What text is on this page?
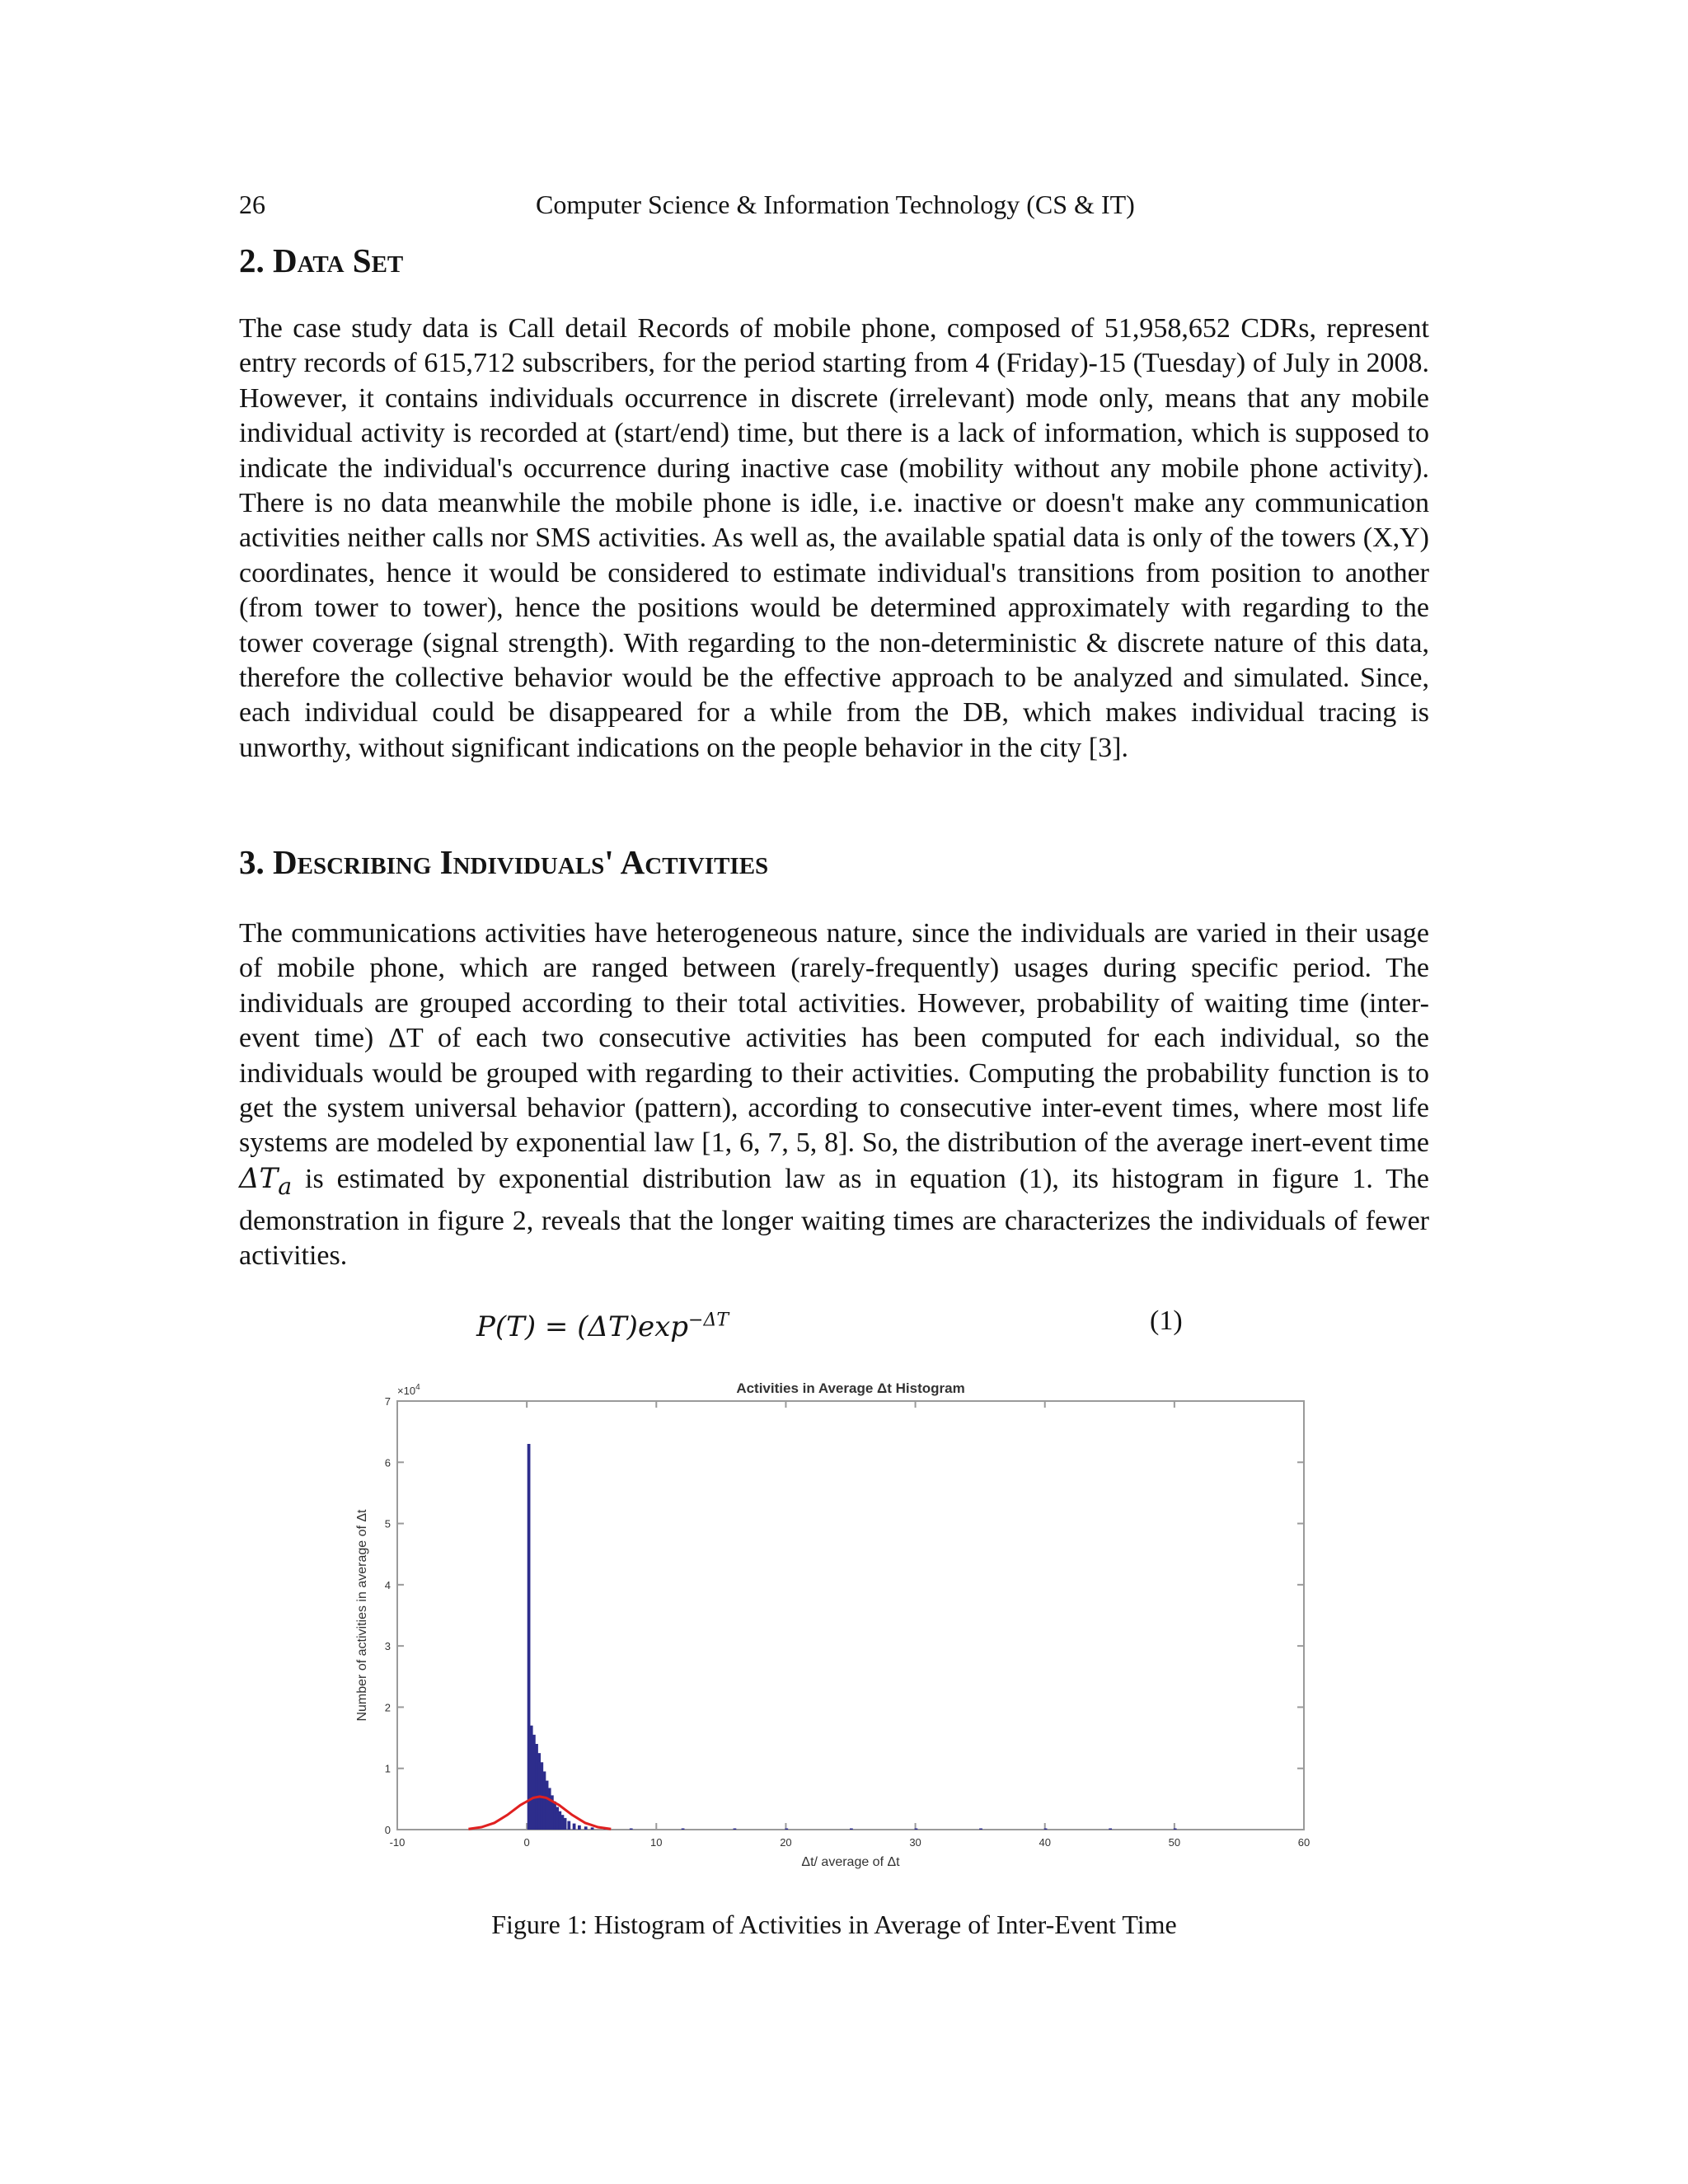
26	Computer Science & Information Technology (CS & IT)
2. Data Set

The case study data is Call detail Records of mobile phone, composed of 51,958,652 CDRs, represent entry records of 615,712 subscribers, for the period starting from 4 (Friday)-15 (Tuesday) of July in 2008. However, it contains individuals occurrence in discrete (irrelevant) mode only, means that any mobile individual activity is recorded at (start/end) time, but there is a lack of information, which is supposed to indicate the individual's occurrence during inactive case (mobility without any mobile phone activity). There is no data meanwhile the mobile phone is idle, i.e. inactive or doesn't make any communication activities neither calls nor SMS activities. As well as, the available spatial data is only of the towers (X,Y) coordinates, hence it would be considered to estimate individual's transitions from position to another (from tower to tower), hence the positions would be determined approximately with regarding to the tower coverage (signal strength). With regarding to the non-deterministic & discrete nature of this data, therefore the collective behavior would be the effective approach to be analyzed and simulated. Since, each individual could be disappeared for a while from the DB, which makes individual tracing is unworthy, without significant indications on the people behavior in the city [3].

3. Describing Individuals' Activities

The communications activities have heterogeneous nature, since the individuals are varied in their usage of mobile phone, which are ranged between (rarely-frequently) usages during specific period. The individuals are grouped according to their total activities. However, probability of waiting time (inter-event time) ΔT of each two consecutive activities has been computed for each individual, so the individuals would be grouped with regarding to their activities. Computing the probability function is to get the system universal behavior (pattern), according to consecutive inter-event times, where most life systems are modeled by exponential law [1, 6, 7, 5, 8]. So, the distribution of the average inert-event time $\Delta T_a$ is estimated by exponential distribution law as in equation (1), its histogram in figure 1. The demonstration in figure 2, reveals that the longer waiting times are characterizes the individuals of fewer activities.

$P(T) = (\Delta T)\exp^{-\Delta T}$	(1)
0
1
2
3
4
5
6
7
-10	0	10	20	30	40	50	60
Activities in Average Δt Histogram
Δt/ average of Δt
Number of activities in average of Δt
$\times 10^4$
Figure 1: Histogram of Activities in Average of Inter-Event Time
